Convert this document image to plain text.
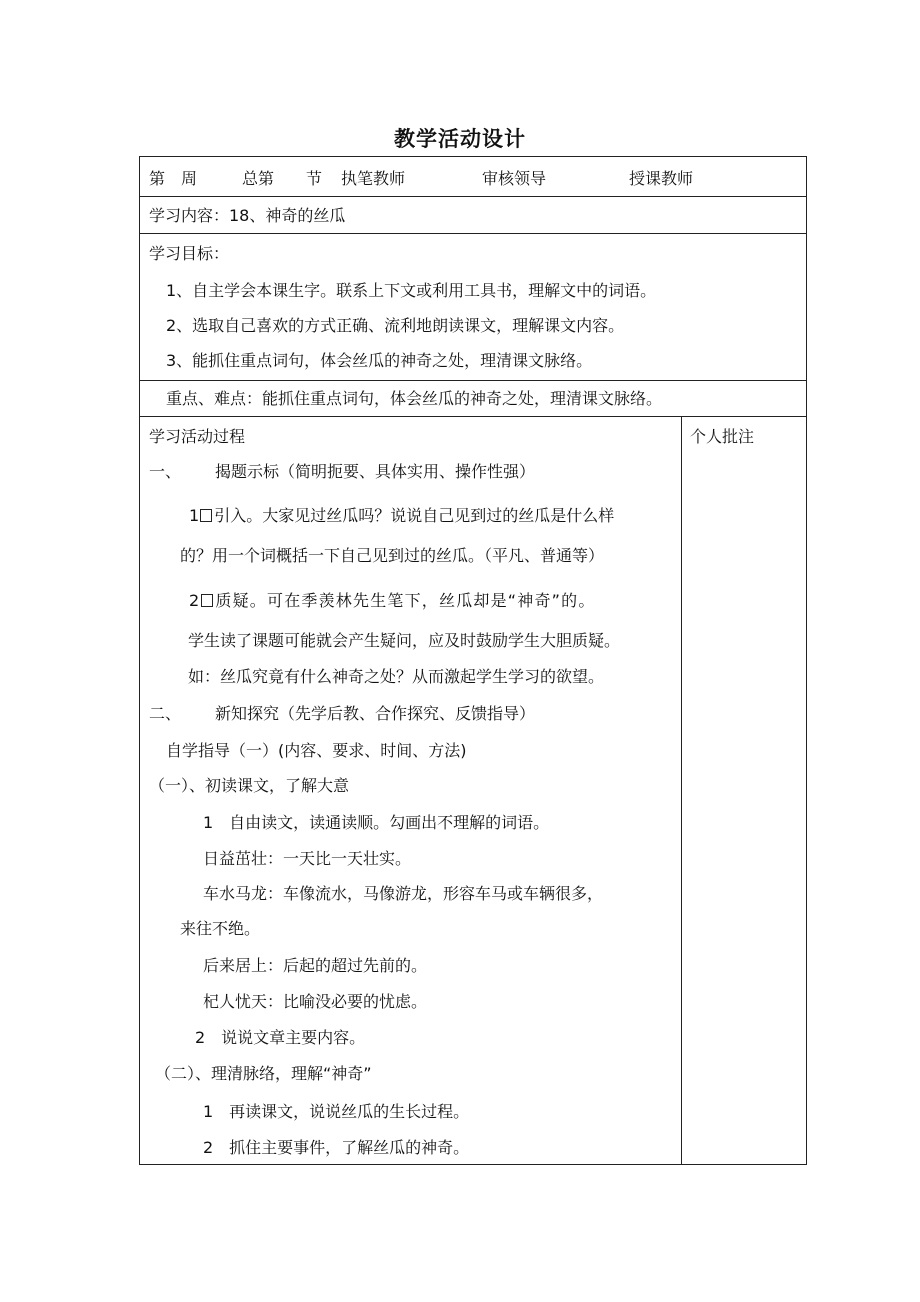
教学活动设计
第　周	总第　　节 执笔教师	审核领导	授课教师
学习内容：18、神奇的丝瓜
学习目标：
1、自主学会本课生字。联系上下文或利用工具书，理解文中的词语。
2、选取自己喜欢的方式正确、流利地朗读课文，理解课文内容。
3、能抓住重点词句，体会丝瓜的神奇之处，理清课文脉络。
重点、难点：能抓住重点词句，体会丝瓜的神奇之处，理清课文脉络。
学习活动过程	个人批注
一、 揭题示标（简明扼要、具体实用、操作性强）
1 引入。大家见过丝瓜吗？说说自己见到过的丝瓜是什么样
的？用一个词概括一下自己见到过的丝瓜。（平凡、普通等）
2 质疑。可在季羡林先生笔下，丝瓜却是“神奇”的。
学生读了课题可能就会产生疑问，应及时鼓励学生大胆质疑。
如：丝瓜究竟有什么神奇之处？从而激起学生学习的欲望。
二、 新知探究（先学后教、合作探究、反馈指导）
自学指导（一）(内容、要求、时间、方法)
（一）、初读课文，了解大意
1　自由读文，读通读顺。勾画出不理解的词语。
日益茁壮：一天比一天壮实。
车水马龙：车像流水，马像游龙，形容车马或车辆很多，
来往不绝。
后来居上：后起的超过先前的。
杞人忧天：比喻没必要的忧虑。
2　说说文章主要内容。
（二）、理清脉络，理解“神奇”
1　再读课文，说说丝瓜的生长过程。
2　抓住主要事件，了解丝瓜的神奇。
